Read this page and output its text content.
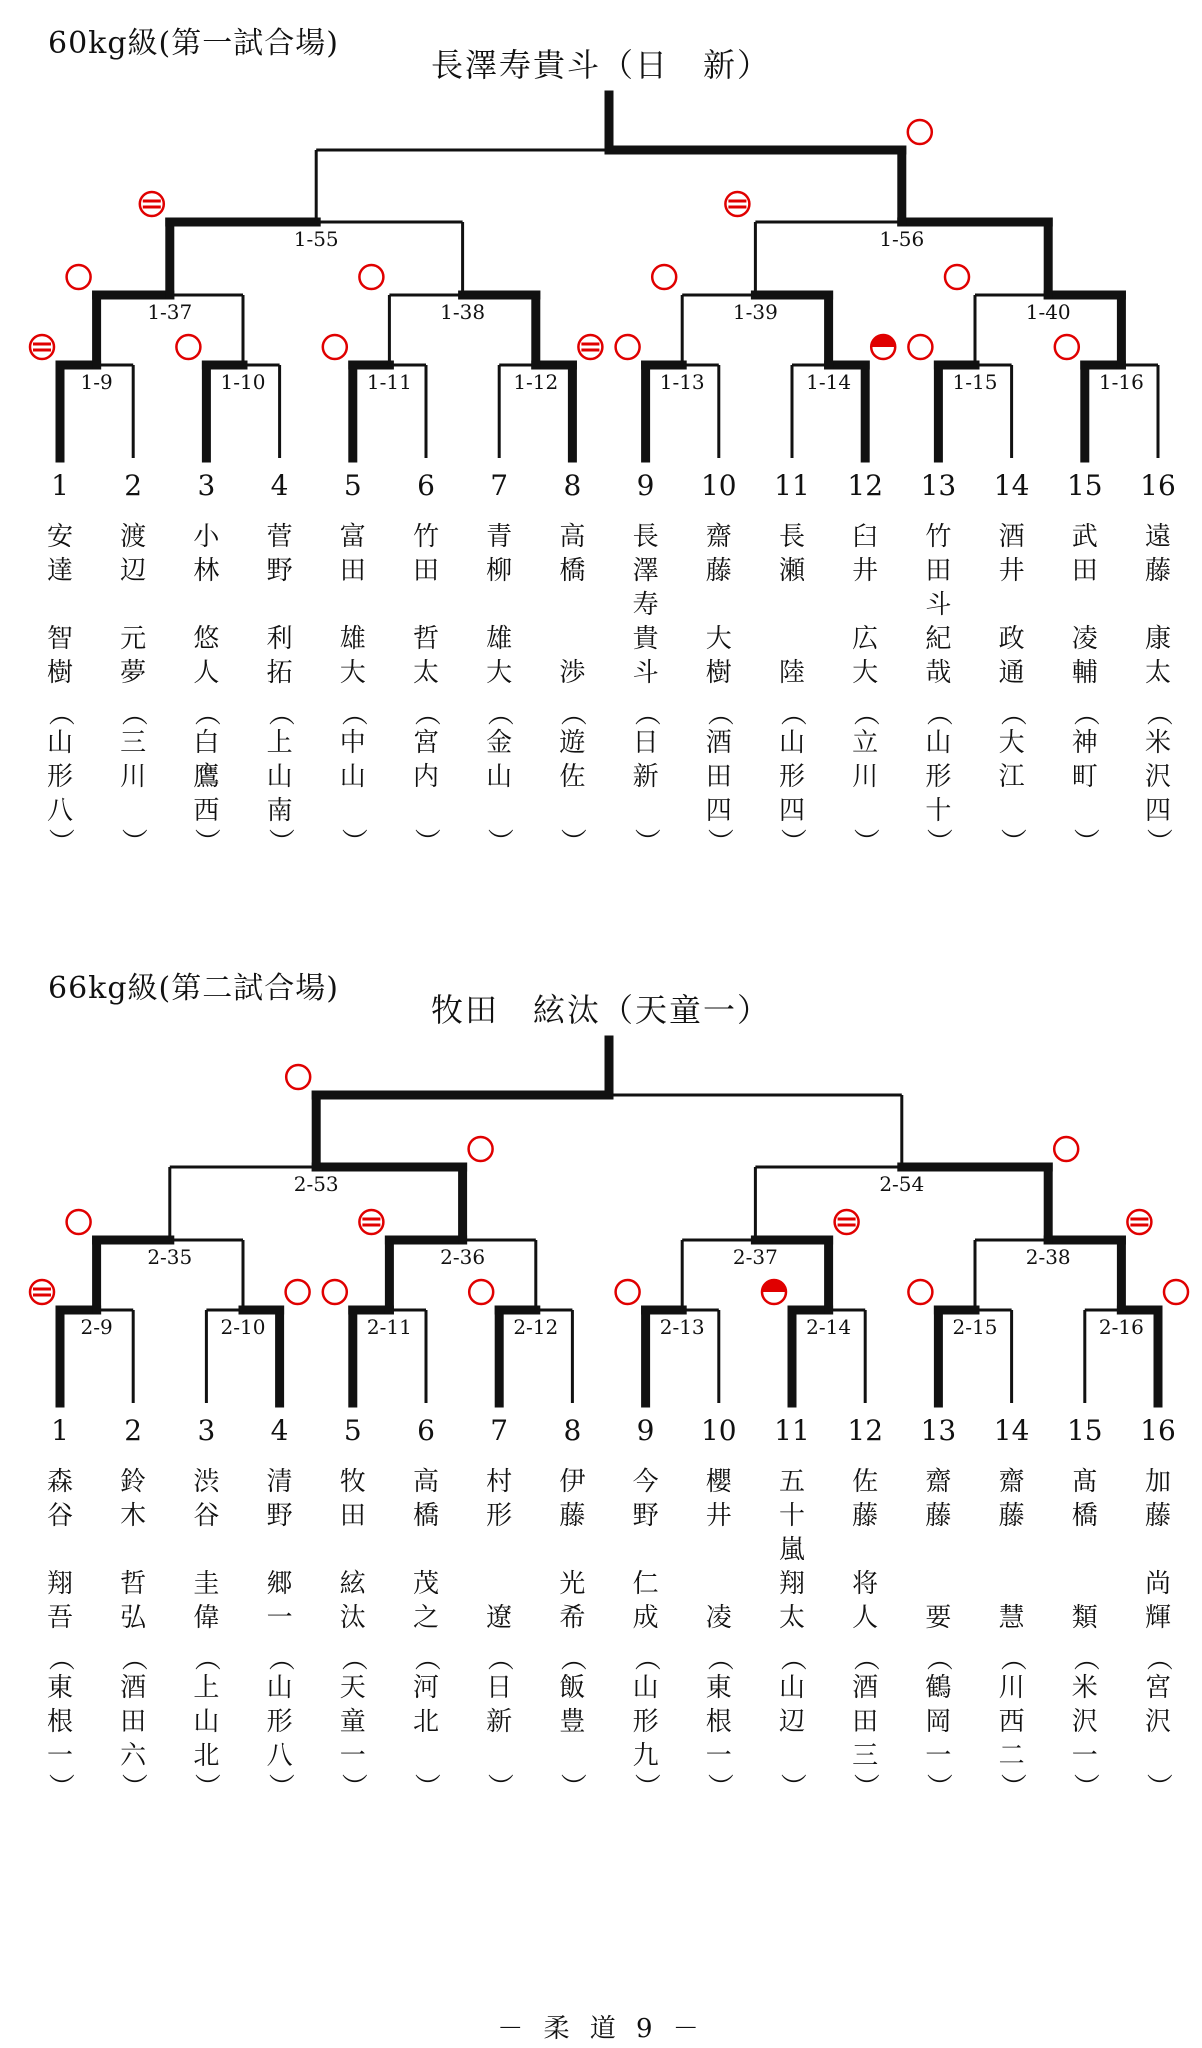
60kg級(第一試合場)
長澤寿貴斗（日　新）
1-9	1-10	1-11	1-12	1-13	1-14	1-15	1-16
1-37	1-38	1-39	1-40
1-55	1-56
1 2 3 4 5 6 7 8 9 10 11 12 13 14 15 16
安達
智樹
（
山形八
）
渡辺
元夢
（
三　川
）
小林
悠人
（
白鷹西
）
菅野
利拓
（
上山南
）
富田
雄大
（
中　山
）
竹田
哲太
（
宮　内
）
青柳
雄大
（
金　山
）
高橋
　渉
（
遊　佐
）
長澤寿
貴斗
（
日　新
）
齋藤
大樹
（
酒田四
）
長瀬
　陸
（
山形四
）
臼井
広大
（
立　川
）
竹田斗
紀哉
（
山形十
）
酒井
政通
（
大　江
）
武田
凌輔
（
神　町
）
遠藤
康太
（
米沢四
）
66kg級(第二試合場)
牧田　絃汰（天童一）
2-9	2-10	2-11	2-12	2-13	2-14	2-15	2-16
2-35	2-36	2-37	2-38
2-53	2-54
1 2 3 4 5 6 7 8 9 10 11 12 13 14 15 16
森谷
翔吾
（
東根一
）
鈴木
哲弘
（
酒田六
）
渋谷
圭偉
（
上山北
）
清野
郷一
（
山形八
）
牧田
絃汰
（
天童一
）
高橋
茂之
（
河　北
）
村形
　遼
（
日　新
）
伊藤
光希
（
飯　豊
）
今野
仁成
（
山形九
）
櫻井
　凌
（
東根一
）
五十嵐
翔太
（
山　辺
）
佐藤
将人
（
酒田三
）
齋藤
　要
（
鶴岡一
）
齋藤
　慧
（
川西二
）
髙橋
　類
（
米沢一
）
加藤
尚輝
（
宮　沢
）
－ 柔 道 9 －
